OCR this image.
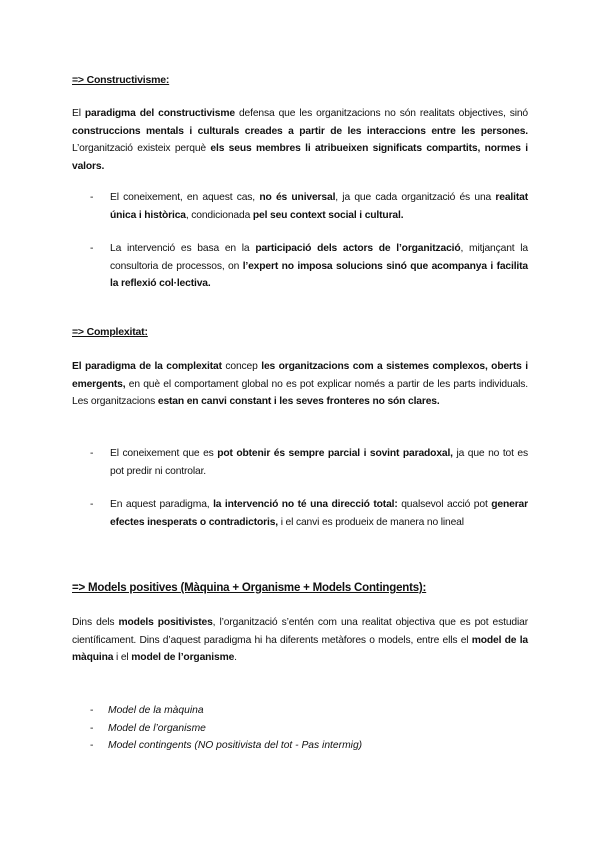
=> Constructivisme:

El paradigma del constructivisme defensa que les organitzacions no són realitats objectives, sinó construccions mentals i culturals creades a partir de les interaccions entre les persones. L’organització existeix perquè els seus membres li atribueixen significats compartits, normes i valors.

- El coneixement, en aquest cas, no és universal, ja que cada organització és una realitat única i històrica, condicionada pel seu context social i cultural.
- La intervenció es basa en la participació dels actors de l’organització, mitjançant la consultoria de processos, on l’expert no imposa solucions sinó que acompanya i facilita la reflexió col·lectiva.

=> Complexitat:

El paradigma de la complexitat concep les organitzacions com a sistemes complexos, oberts i emergents, en què el comportament global no es pot explicar només a partir de les parts individuals. Les organitzacions estan en canvi constant i les seves fronteres no són clares.

- El coneixement que es pot obtenir és sempre parcial i sovint paradoxal, ja que no tot es pot predir ni controlar.
- En aquest paradigma, la intervenció no té una direcció total: qualsevol acció pot generar efectes inesperats o contradictoris, i el canvi es produeix de manera no lineal

=> Models positives (Màquina + Organisme + Models Contingents):

Dins dels models positivistes, l’organització s’entén com una realitat objectiva que es pot estudiar científicament. Dins d’aquest paradigma hi ha diferents metàfores o models, entre ells el model de la màquina i el model de l’organisme.

- Model de la màquina
- Model de l’organisme
- Model contingents (NO positivista del tot - Pas intermig)
